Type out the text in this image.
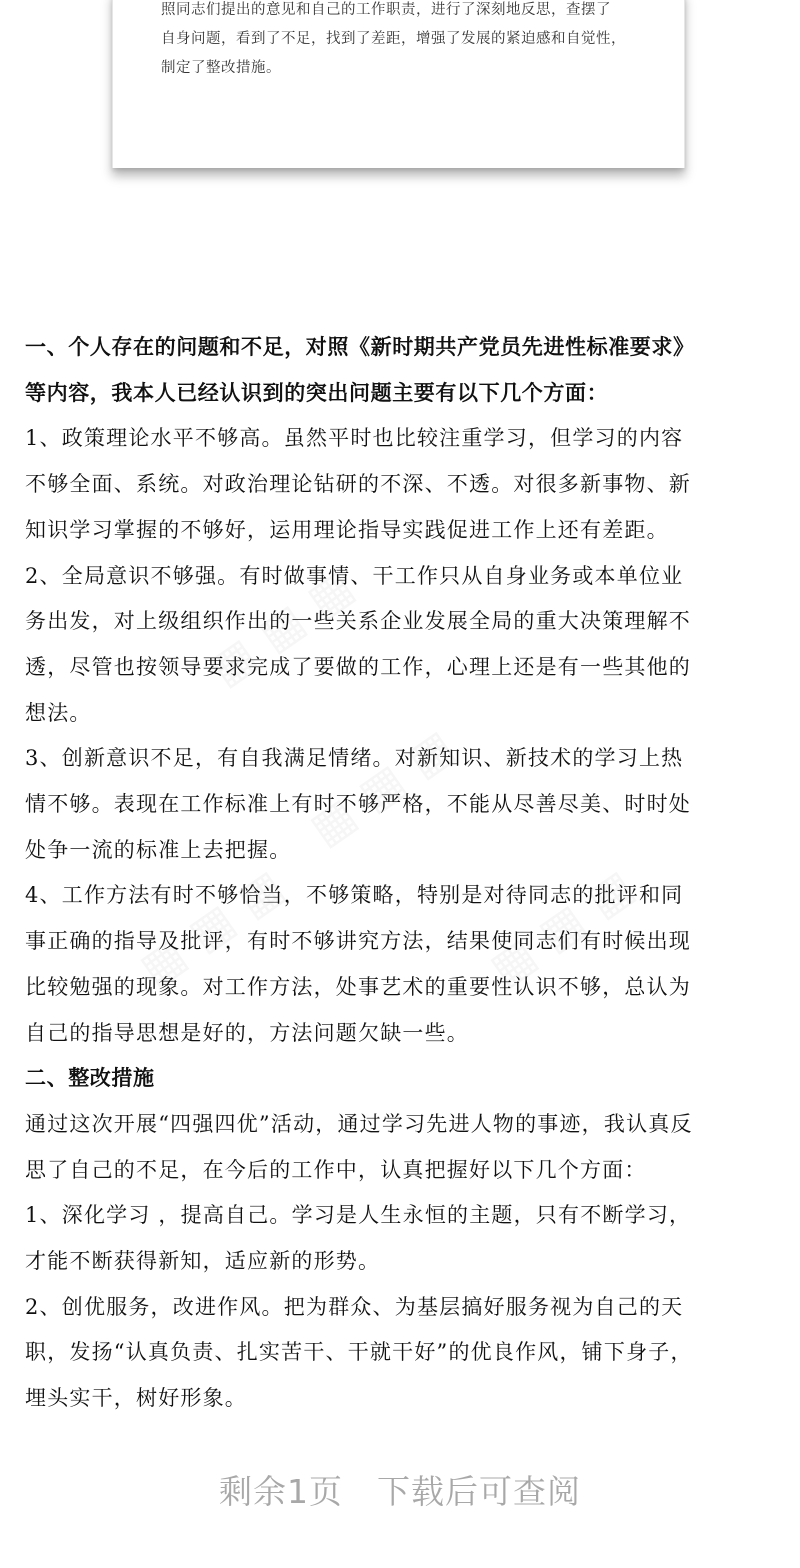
照同志们提出的意见和自己的工作职责，进行了深刻地反思，查摆了

自身问题，看到了不足，找到了差距，增强了发展的紧迫感和自觉性，

制定了整改措施。

一、个人存在的问题和不足，对照《新时期共产党员先进性标准要求》

等内容，我本人已经认识到的突出问题主要有以下几个方面：

1、政策理论水平不够高。虽然平时也比较注重学习，但学习的内容

不够全面、系统。对政治理论钻研的不深、不透。对很多新事物、新

知识学习掌握的不够好，运用理论指导实践促进工作上还有差距。

2、全局意识不够强。有时做事情、干工作只从自身业务或本单位业

务出发，对上级组织作出的一些关系企业发展全局的重大决策理解不

透，尽管也按领导要求完成了要做的工作，心理上还是有一些其他的

想法。

3、创新意识不足，有自我满足情绪。对新知识、新技术的学习上热

情不够。表现在工作标准上有时不够严格，不能从尽善尽美、时时处

处争一流的标准上去把握。

4、工作方法有时不够恰当，不够策略，特别是对待同志的批评和同

事正确的指导及批评，有时不够讲究方法，结果使同志们有时候出现

比较勉强的现象。对工作方法，处事艺术的重要性认识不够，总认为

自己的指导思想是好的，方法问题欠缺一些。

二、整改措施

通过这次开展“四强四优”活动，通过学习先进人物的事迹，我认真反

思了自己的不足，在今后的工作中，认真把握好以下几个方面：

1、深化学习 ，提高自己。学习是人生永恒的主题，只有不断学习，

才能不断获得新知，适应新的形势。

2、创优服务，改进作风。把为群众、为基层搞好服务视为自己的天

职，发扬“认真负责、扎实苦干、干就干好”的优良作风，铺下身子，

埋头实干，树好形象。

剩余1页 下载后可查阅
